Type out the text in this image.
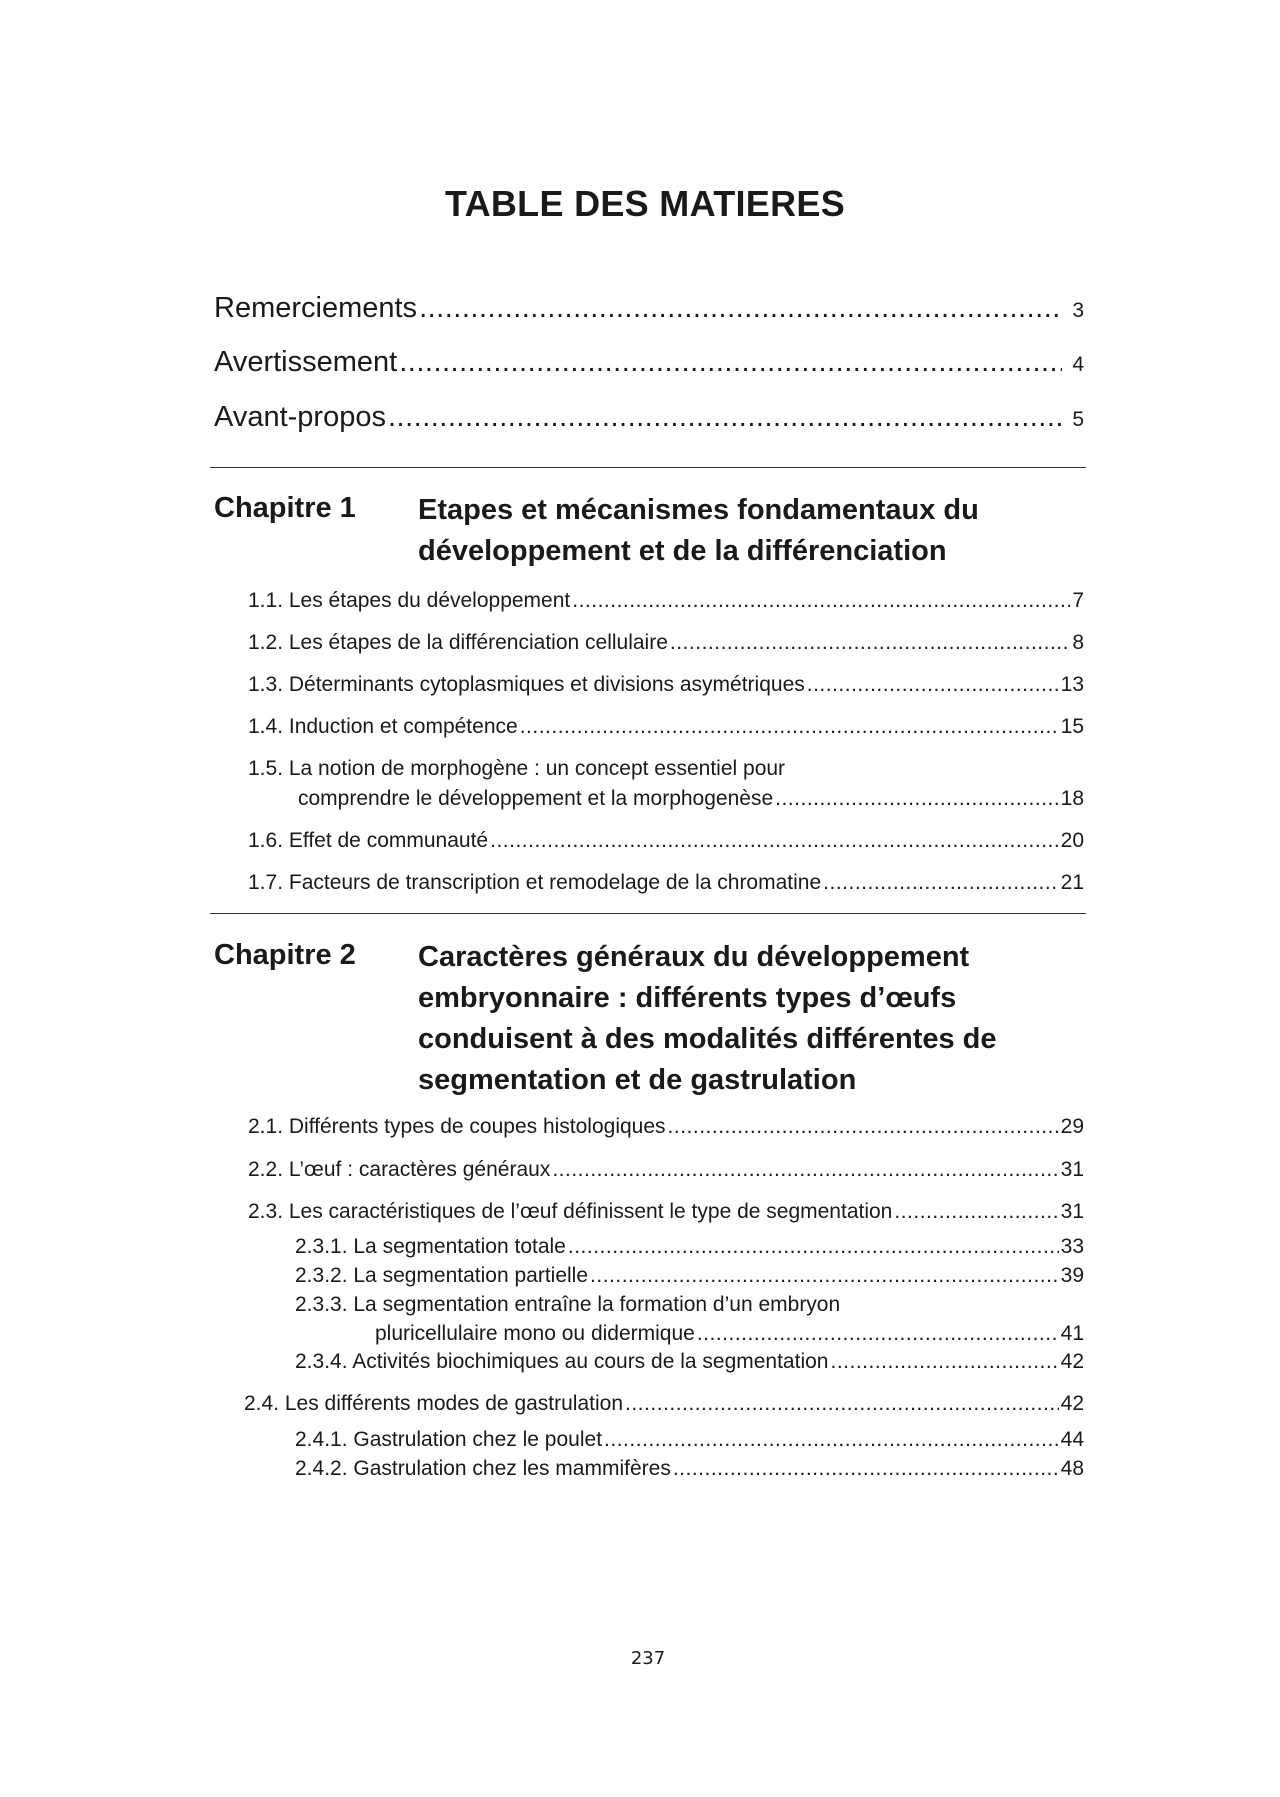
TABLE DES MATIERES
Remerciements .....	3
Avertissement .....	4
Avant-propos .....	5
Chapitre 1 Etapes et mécanismes fondamentaux du développement et de la différenciation
1.1. Les étapes du développement .....	7
1.2. Les étapes de la différenciation cellulaire .....	8
1.3. Déterminants cytoplasmiques et divisions asymétriques .....	13
1.4. Induction et compétence .....	15
1.5. La notion de morphogène : un concept essentiel pour
comprendre le développement et la morphogenèse .....	18
1.6. Effet de communauté .....	20
1.7. Facteurs de transcription et remodelage de la chromatine .....	21
Chapitre 2 Caractères généraux du développement embryonnaire : différents types d’œufs conduisent à des modalités différentes de segmentation et de gastrulation
2.1. Différents types de coupes histologiques .....	29
2.2. L’œuf : caractères généraux .....	31
2.3. Les caractéristiques de l’œuf définissent le type de segmentation .....	31
2.3.1. La segmentation totale .....	33
2.3.2. La segmentation partielle .....	39
2.3.3. La segmentation entraîne la formation d’un embryon
pluricellulaire mono ou didermique .....	41
2.3.4. Activités biochimiques au cours de la segmentation .....	42
2.4. Les différents modes de gastrulation .....	42
2.4.1. Gastrulation chez le poulet .....	44
2.4.2. Gastrulation chez les mammifères .....	48
237
